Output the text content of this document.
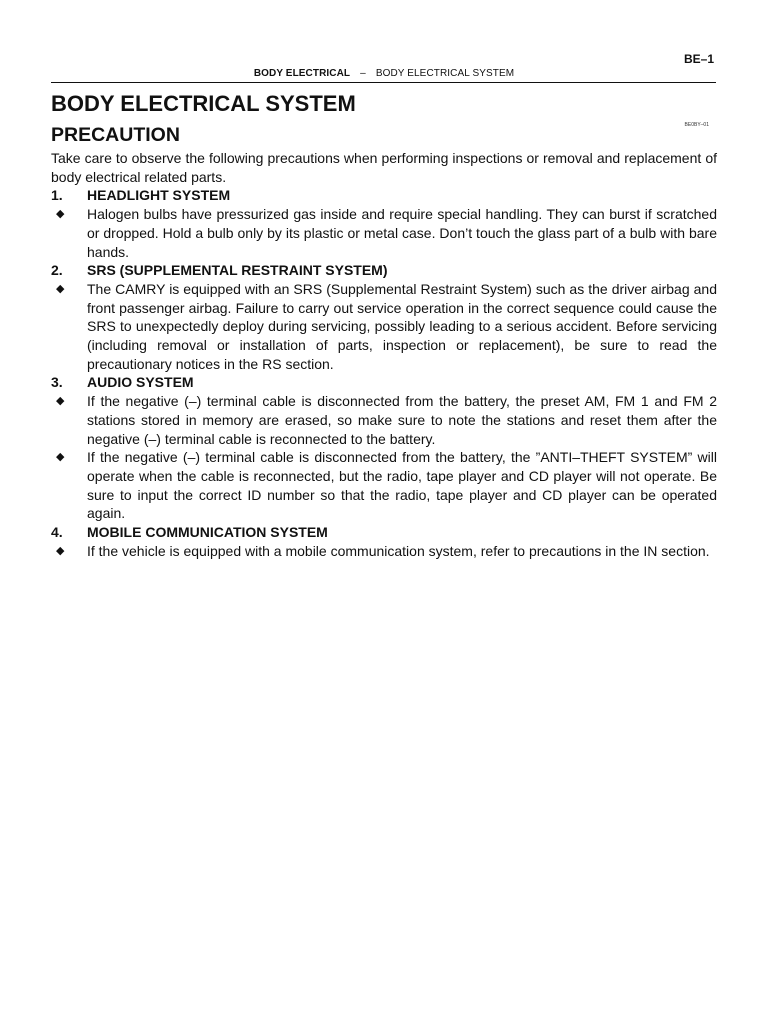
BE–1
BODY ELECTRICAL – BODY ELECTRICAL SYSTEM
BODY ELECTRICAL SYSTEM
PRECAUTION	BE0BY–01

Take care to observe the following precautions when performing inspections or removal and replacement of body electrical related parts.

1.	HEADLIGHT SYSTEM
◆	Halogen bulbs have pressurized gas inside and require special handling. They can burst if scratched or dropped. Hold a bulb only by its plastic or metal case. Don’t touch the glass part of a bulb with bare hands.
2.	SRS (SUPPLEMENTAL RESTRAINT SYSTEM)
◆	The CAMRY is equipped with an SRS (Supplemental Restraint System) such as the driver airbag and front passenger airbag. Failure to carry out service operation in the correct sequence could cause the SRS to unexpectedly deploy during servicing, possibly leading to a serious accident. Before servicing (including removal or installation of parts, inspection or replacement), be sure to read the precautionary notices in the RS section.
3.	AUDIO SYSTEM
◆	If the negative (–) terminal cable is disconnected from the battery, the preset AM, FM 1 and FM 2 stations stored in memory are erased, so make sure to note the stations and reset them after the negative (–) terminal cable is reconnected to the battery.
◆	If the negative (–) terminal cable is disconnected from the battery, the ”ANTI–THEFT SYSTEM” will operate when the cable is reconnected, but the radio, tape player and CD player will not operate. Be sure to input the correct ID number so that the radio, tape player and CD player can be operated again.
4.	MOBILE COMMUNICATION SYSTEM
◆	If the vehicle is equipped with a mobile communication system, refer to precautions in the IN section.
